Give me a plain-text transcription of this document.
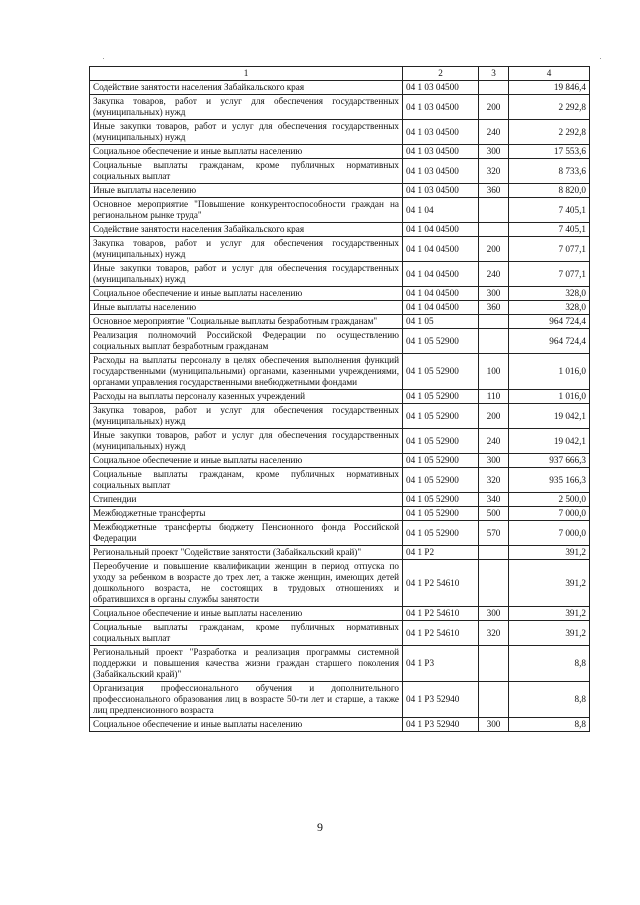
1	2	3	4
Содействие занятости населения Забайкальского края	04 1 03 04500		19 846,4
Закупка товаров, работ и услуг для обеспечения государственных (муниципальных) нужд	04 1 03 04500	200	2 292,8
Иные закупки товаров, работ и услуг для обеспечения государственных (муниципальных) нужд	04 1 03 04500	240	2 292,8
Социальное обеспечение и иные выплаты населению	04 1 03 04500	300	17 553,6
Социальные выплаты гражданам, кроме публичных нормативных социальных выплат	04 1 03 04500	320	8 733,6
Иные выплаты населению	04 1 03 04500	360	8 820,0
Основное мероприятие "Повышение конкурентоспособности граждан на региональном рынке труда"	04 1 04		7 405,1
Содействие занятости населения Забайкальского края	04 1 04 04500		7 405,1
Закупка товаров, работ и услуг для обеспечения государственных (муниципальных) нужд	04 1 04 04500	200	7 077,1
Иные закупки товаров, работ и услуг для обеспечения государственных (муниципальных) нужд	04 1 04 04500	240	7 077,1
Социальное обеспечение и иные выплаты населению	04 1 04 04500	300	328,0
Иные выплаты населению	04 1 04 04500	360	328,0
Основное мероприятие "Социальные выплаты безработным гражданам"	04 1 05		964 724,4
Реализация полномочий Российской Федерации по осуществлению социальных выплат безработным гражданам	04 1 05 52900		964 724,4
Расходы на выплаты персоналу в целях обеспечения выполнения функций государственными (муниципальными) органами, казенными учреждениями, органами управления государственными внебюджетными фондами	04 1 05 52900	100	1 016,0
Расходы на выплаты персоналу казенных учреждений	04 1 05 52900	110	1 016,0
Закупка товаров, работ и услуг для обеспечения государственных (муниципальных) нужд	04 1 05 52900	200	19 042,1
Иные закупки товаров, работ и услуг для обеспечения государственных (муниципальных) нужд	04 1 05 52900	240	19 042,1
Социальное обеспечение и иные выплаты населению	04 1 05 52900	300	937 666,3
Социальные выплаты гражданам, кроме публичных нормативных социальных выплат	04 1 05 52900	320	935 166,3
Стипендии	04 1 05 52900	340	2 500,0
Межбюджетные трансферты	04 1 05 52900	500	7 000,0
Межбюджетные трансферты бюджету Пенсионного фонда Российской Федерации	04 1 05 52900	570	7 000,0
Региональный проект "Содействие занятости (Забайкальский край)"	04 1 P2		391,2
Переобучение и повышение квалификации женщин в период отпуска по уходу за ребенком в возрасте до трех лет, а также женщин, имеющих детей дошкольного возраста, не состоящих в трудовых отношениях и обратившихся в органы службы занятости	04 1 P2 54610		391,2
Социальное обеспечение и иные выплаты населению	04 1 P2 54610	300	391,2
Социальные выплаты гражданам, кроме публичных нормативных социальных выплат	04 1 P2 54610	320	391,2
Региональный проект "Разработка и реализация программы системной поддержки и повышения качества жизни граждан старшего поколения (Забайкальский край)"	04 1 P3		8,8
Организация профессионального обучения и дополнительного профессионального образования лиц в возрасте 50-ти лет и старше, а также лиц предпенсионного возраста	04 1 P3 52940		8,8
Социальное обеспечение и иные выплаты населению	04 1 P3 52940	300	8,8
9
